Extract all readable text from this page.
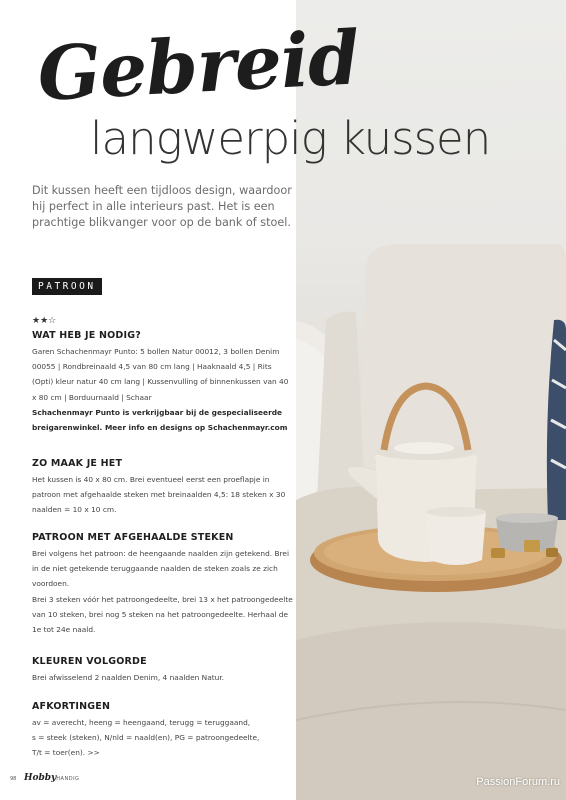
Gebreid
langwerpig kussen
Dit kussen heeft een tijdloos design, waardoor hij perfect in alle interieurs past. Het is een prachtige blikvanger voor op de bank of stoel.
PATROON
★★☆
WAT HEB JE NODIG?

Garen Schachenmayr Punto: 5 bollen Natur 00012, 3 bollen Denim 00055 | Rondbreinaald 4,5 van 80 cm lang | Haaknaald 4,5 | Rits (Opti) kleur natur 40 cm lang | Kussenvulling of binnenkussen van 40 x 80 cm | Borduurnaald | Schaar

Schachenmayr Punto is verkrijgbaar bij de gespecialiseerde breigarenwinkel. Meer info en designs op Schachenmayr.com

ZO MAAK JE HET

Het kussen is 40 x 80 cm. Brei eventueel eerst een proeflapje in patroon met afgehaalde steken met breinaalden 4,5: 18 steken x 30 naalden = 10 x 10 cm.

PATROON MET AFGEHAALDE STEKEN

Brei volgens het patroon: de heengaande naalden zijn getekend. Brei in de niet getekende teruggaande naalden de steken zoals ze zich voordoen.

Brei 3 steken vóór het patroongedeelte, brei 13 x het patroongedeelte van 10 steken, brei nog 5 steken na het patroongedeelte. Herhaal de 1e tot 24e naald.

KLEUREN VOLGORDE

Brei afwisselend 2 naalden Denim, 4 naalden Natur.

AFKORTINGEN

av = averecht, heeng = heengaand, terugg = teruggaand,

s = steek (steken), N/nld = naald(en), PG = patroongedeelte,

T/t = toer(en). >>

98 HobbyHANDIG	PassionForum.ru
